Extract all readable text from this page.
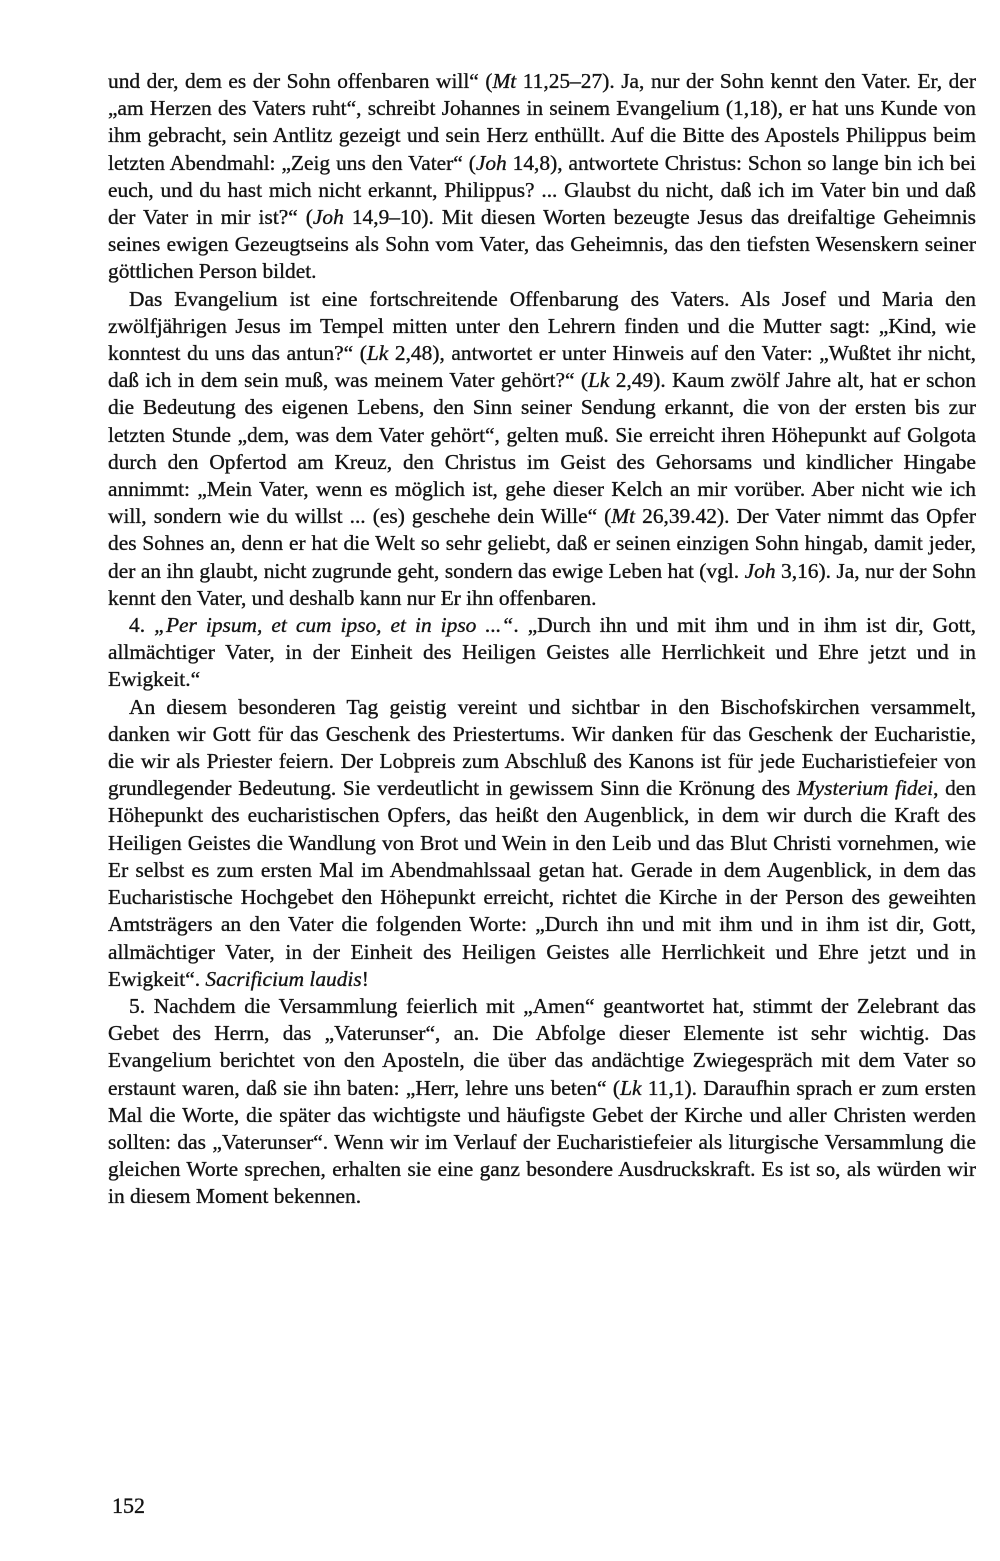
und der, dem es der Sohn offenbaren will“ (Mt 11,25–27). Ja, nur der Sohn kennt den Vater. Er, der „am Herzen des Vaters ruht“, schreibt Johannes in seinem Evangelium (1,18), er hat uns Kunde von ihm gebracht, sein Antlitz gezeigt und sein Herz enthüllt. Auf die Bitte des Apostels Philippus beim letzten Abendmahl: „Zeig uns den Vater“ (Joh 14,8), antwortete Christus: Schon so lange bin ich bei euch, und du hast mich nicht erkannt, Philippus? ... Glaubst du nicht, daß ich im Vater bin und daß der Vater in mir ist?“ (Joh 14,9–10). Mit diesen Worten bezeugte Jesus das dreifaltige Geheimnis seines ewigen Gezeugtseins als Sohn vom Vater, das Geheimnis, das den tiefsten Wesenskern seiner göttlichen Person bildet.

Das Evangelium ist eine fortschreitende Offenbarung des Vaters. Als Josef und Maria den zwölfjährigen Jesus im Tempel mitten unter den Lehrern finden und die Mutter sagt: „Kind, wie konntest du uns das antun?“ (Lk 2,48), antwortet er unter Hinweis auf den Vater: „Wußtet ihr nicht, daß ich in dem sein muß, was meinem Vater gehört?“ (Lk 2,49). Kaum zwölf Jahre alt, hat er schon die Bedeutung des eigenen Lebens, den Sinn seiner Sendung erkannt, die von der ersten bis zur letzten Stunde „dem, was dem Vater gehört“, gelten muß. Sie erreicht ihren Höhepunkt auf Golgota durch den Opfertod am Kreuz, den Christus im Geist des Gehorsams und kindlicher Hingabe annimmt: „Mein Vater, wenn es möglich ist, gehe dieser Kelch an mir vorüber. Aber nicht wie ich will, sondern wie du willst ... (es) geschehe dein Wille“ (Mt 26,39.42). Der Vater nimmt das Opfer des Sohnes an, denn er hat die Welt so sehr geliebt, daß er seinen einzigen Sohn hingab, damit jeder, der an ihn glaubt, nicht zugrunde geht, sondern das ewige Leben hat (vgl. Joh 3,16). Ja, nur der Sohn kennt den Vater, und deshalb kann nur Er ihn offenbaren.

4. „Per ipsum, et cum ipso, et in ipso ...“. „Durch ihn und mit ihm und in ihm ist dir, Gott, allmächtiger Vater, in der Einheit des Heiligen Geistes alle Herrlichkeit und Ehre jetzt und in Ewigkeit.“

An diesem besonderen Tag geistig vereint und sichtbar in den Bischofskirchen versammelt, danken wir Gott für das Geschenk des Priestertums. Wir danken für das Geschenk der Eucharistie, die wir als Priester feiern. Der Lobpreis zum Abschluß des Kanons ist für jede Eucharistiefeier von grundlegender Bedeutung. Sie verdeutlicht in gewissem Sinn die Krönung des Mysterium fidei, den Höhepunkt des eucharistischen Opfers, das heißt den Augenblick, in dem wir durch die Kraft des Heiligen Geistes die Wandlung von Brot und Wein in den Leib und das Blut Christi vornehmen, wie Er selbst es zum ersten Mal im Abendmahlssaal getan hat. Gerade in dem Augenblick, in dem das Eucharistische Hochgebet den Höhepunkt erreicht, richtet die Kirche in der Person des geweihten Amtsträgers an den Vater die folgenden Worte: „Durch ihn und mit ihm und in ihm ist dir, Gott, allmächtiger Vater, in der Einheit des Heiligen Geistes alle Herrlichkeit und Ehre jetzt und in Ewigkeit“. Sacrificium laudis!

5. Nachdem die Versammlung feierlich mit „Amen“ geantwortet hat, stimmt der Zelebrant das Gebet des Herrn, das „Vaterunser“, an. Die Abfolge dieser Elemente ist sehr wichtig. Das Evangelium berichtet von den Aposteln, die über das andächtige Zwiegespräch mit dem Vater so erstaunt waren, daß sie ihn baten: „Herr, lehre uns beten“ (Lk 11,1). Daraufhin sprach er zum ersten Mal die Worte, die später das wichtigste und häufigste Gebet der Kirche und aller Christen werden sollten: das „Vaterunser“. Wenn wir im Verlauf der Eucharistiefeier als liturgische Versammlung die gleichen Worte sprechen, erhalten sie eine ganz besondere Ausdruckskraft. Es ist so, als würden wir in diesem Moment bekennen.

152
